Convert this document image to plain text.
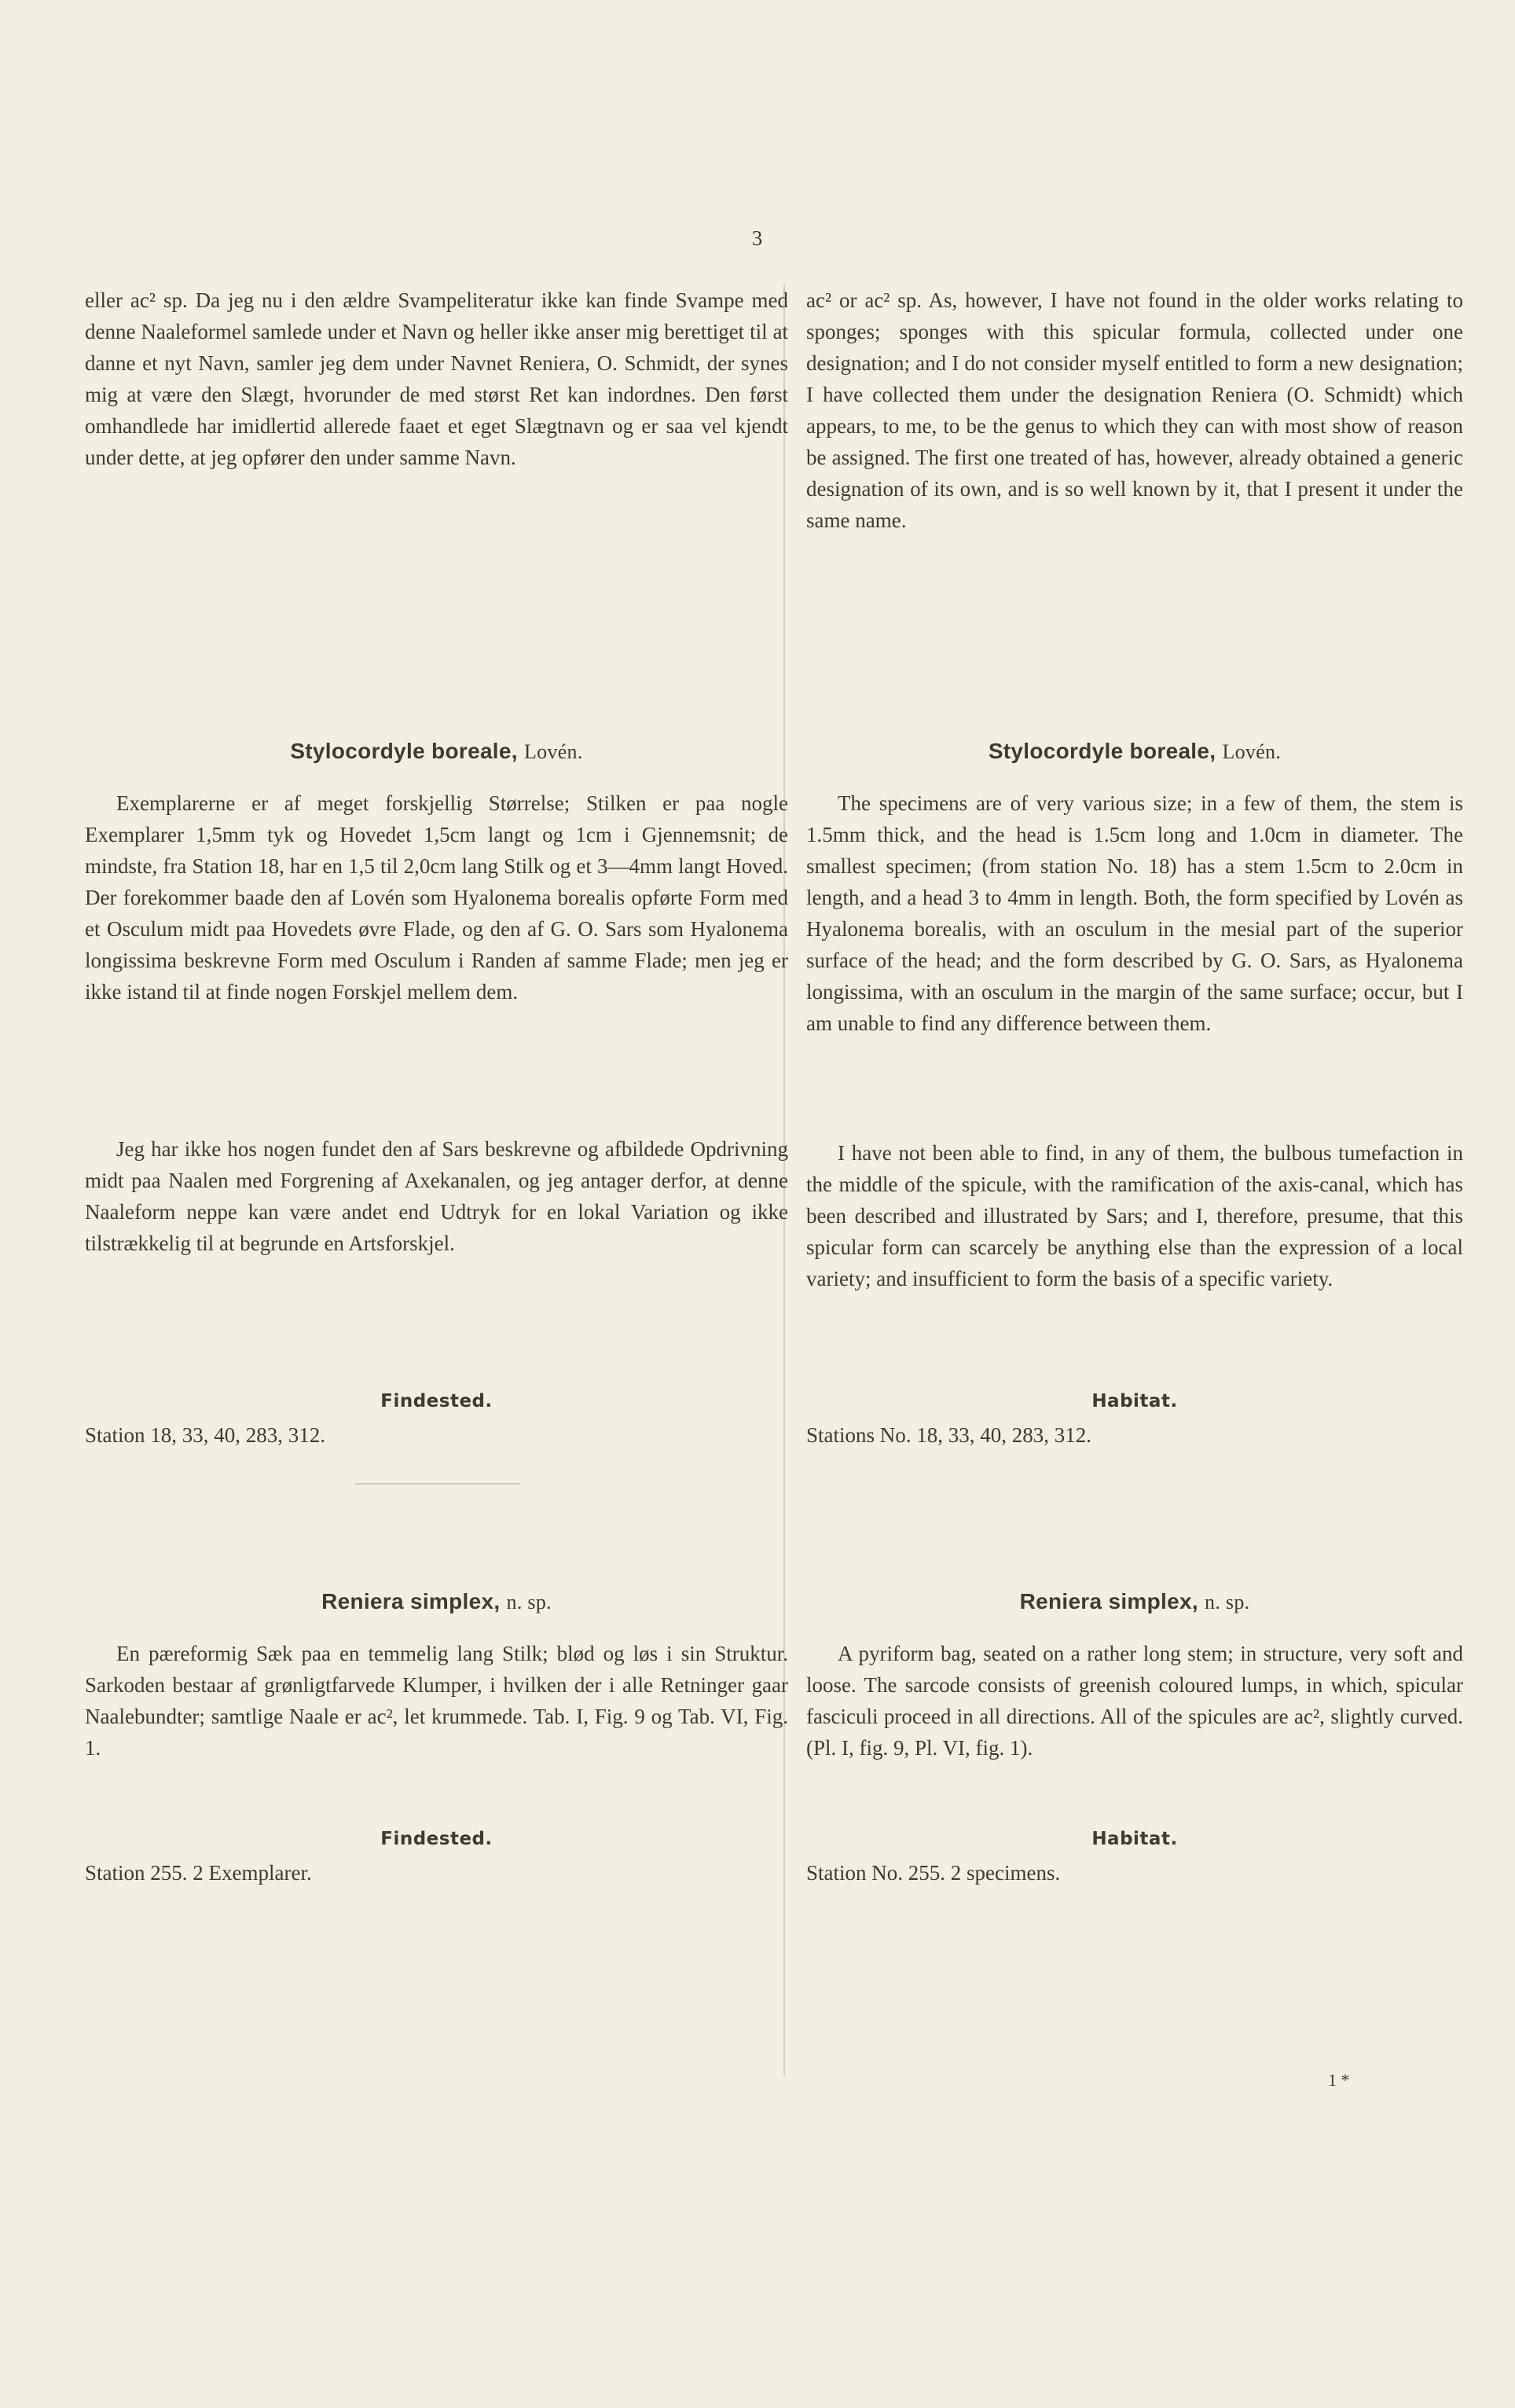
3

eller ac² sp. Da jeg nu i den ældre Svampeliteratur ikke kan finde Svampe med denne Naaleformel samlede under et Navn og heller ikke anser mig berettiget til at danne et nyt Navn, samler jeg dem under Navnet Reniera, O. Schmidt, der synes mig at være den Slægt, hvorunder de med størst Ret kan indordnes. Den først omhandlede har imidlertid allerede faaet et eget Slægtnavn og er saa vel kjendt under dette, at jeg opfører den under samme Navn.

Stylocordyle boreale, Lovén.

Exemplarerne er af meget forskjellig Størrelse; Stilken er paa nogle Exemplarer 1,5mm tyk og Hovedet 1,5cm langt og 1cm i Gjennemsnit; de mindste, fra Station 18, har en 1,5 til 2,0cm lang Stilk og et 3—4mm langt Hoved. Der forekommer baade den af Lovén som Hyalonema borealis opførte Form med et Osculum midt paa Hovedets øvre Flade, og den af G. O. Sars som Hyalonema longissima beskrevne Form med Osculum i Randen af samme Flade; men jeg er ikke istand til at finde nogen Forskjel mellem dem.

Jeg har ikke hos nogen fundet den af Sars beskrevne og afbildede Opdrivning midt paa Naalen med Forgrening af Axekanalen, og jeg antager derfor, at denne Naaleform neppe kan være andet end Udtryk for en lokal Variation og ikke tilstrækkelig til at begrunde en Artsforskjel.

Findested.

Station 18, 33, 40, 283, 312.

Reniera simplex, n. sp.

En pæreformig Sæk paa en temmelig lang Stilk; blød og løs i sin Struktur. Sarkoden bestaar af grønligtfarvede Klumper, i hvilken der i alle Retninger gaar Naalebundter; samtlige Naale er ac², let krummede. Tab. I, Fig. 9 og Tab. VI, Fig. 1.

Findested.

Station 255. 2 Exemplarer.

ac² or ac² sp. As, however, I have not found in the older works relating to sponges; sponges with this spicular formula, collected under one designation; and I do not consider myself entitled to form a new designation; I have collected them under the designation Reniera (O. Schmidt) which appears, to me, to be the genus to which they can with most show of reason be assigned. The first one treated of has, however, already obtained a generic designation of its own, and is so well known by it, that I present it under the same name.

Stylocordyle boreale, Lovén.

The specimens are of very various size; in a few of them, the stem is 1.5mm thick, and the head is 1.5cm long and 1.0cm in diameter. The smallest specimen; (from station No. 18) has a stem 1.5cm to 2.0cm in length, and a head 3 to 4mm in length. Both, the form specified by Lovén as Hyalonema borealis, with an osculum in the mesial part of the superior surface of the head; and the form described by G. O. Sars, as Hyalonema longissima, with an osculum in the margin of the same surface; occur, but I am unable to find any difference between them.

I have not been able to find, in any of them, the bulbous tumefaction in the middle of the spicule, with the ramification of the axis-canal, which has been described and illustrated by Sars; and I, therefore, presume, that this spicular form can scarcely be anything else than the expression of a local variety; and insufficient to form the basis of a specific variety.

Habitat.

Stations No. 18, 33, 40, 283, 312.

Reniera simplex, n. sp.

A pyriform bag, seated on a rather long stem; in structure, very soft and loose. The sarcode consists of greenish coloured lumps, in which, spicular fasciculi proceed in all directions. All of the spicules are ac², slightly curved. (Pl. I, fig. 9, Pl. VI, fig. 1).

Habitat.

Station No. 255. 2 specimens.

1 *
